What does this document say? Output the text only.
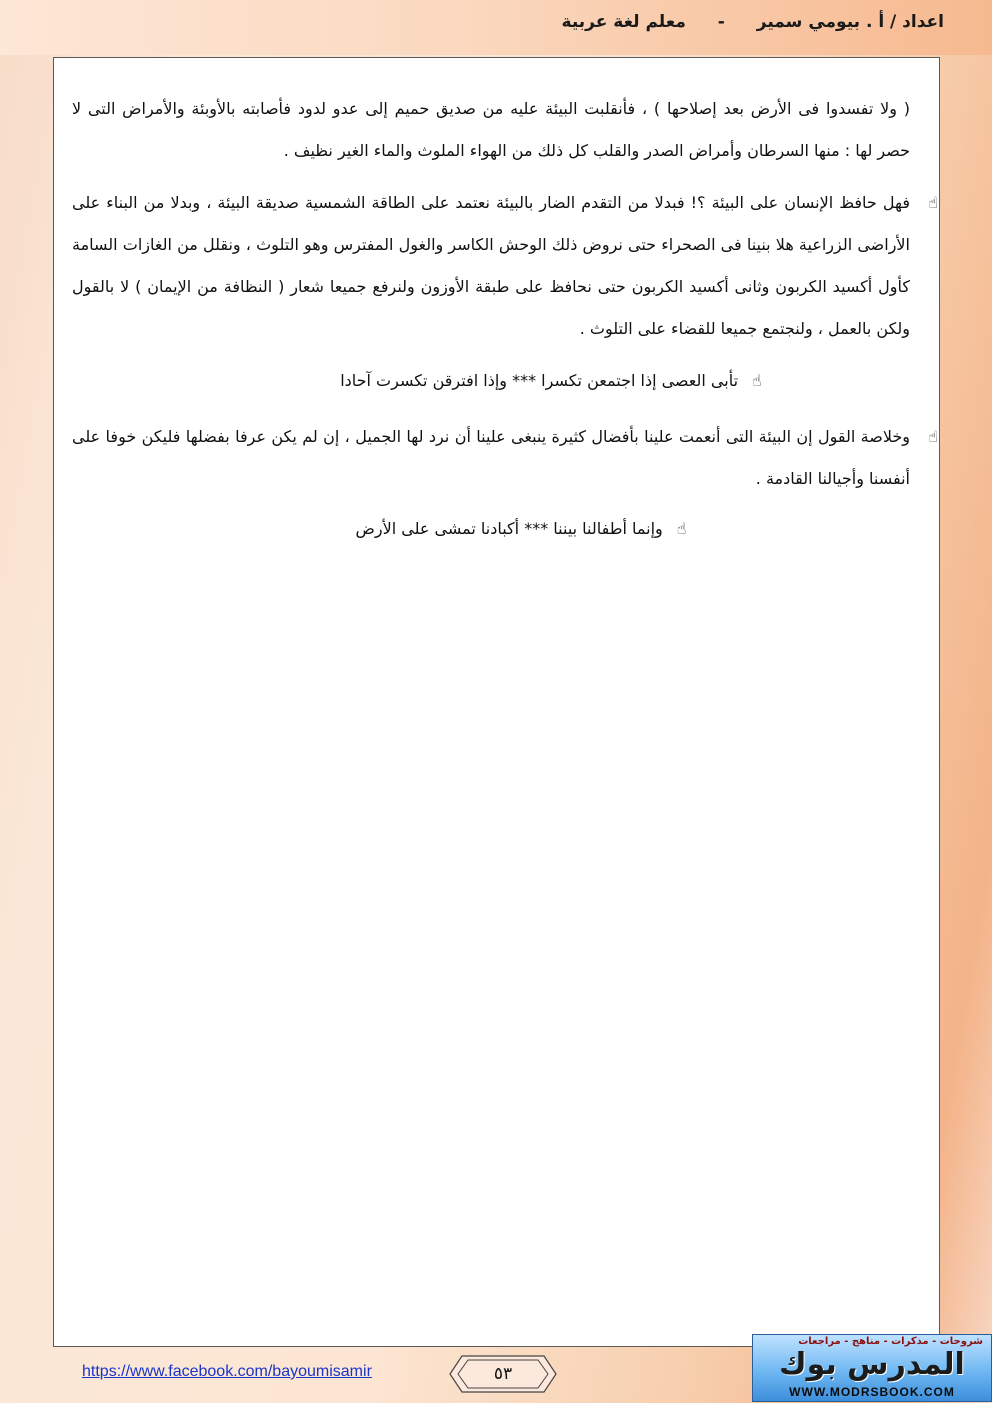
اعداد / أ . بيومي سمير - معلم لغة عربية

( ولا تفسدوا فى الأرض بعد إصلاحها ) ، فأنقلبت البيئة عليه من صديق حميم إلى عدو لدود فأصابته بالأوبئة والأمراض التى لا حصر لها : منها السرطان وأمراض الصدر والقلب كل ذلك من الهواء الملوث والماء الغير نظيف .

☝

فهل حافظ الإنسان على البيئة ؟! فبدلا من التقدم الضار بالبيئة نعتمد على الطاقة الشمسية صديقة البيئة ، وبدلا من البناء على الأراضى الزراعية هلا بنينا فى الصحراء حتى نروض ذلك الوحش الكاسر والغول المفترس وهو التلوث ، ونقلل من الغازات السامة كأول أكسيد الكربون وثانى أكسيد الكربون حتى نحافظ على طبقة الأوزون ولنرفع جميعا شعار ( النظافة من الإيمان ) لا بالقول ولكن بالعمل ، ولنجتمع جميعا للقضاء على التلوث .

☝تأبى العصى إذا اجتمعن تكسرا *** وإذا افترقن تكسرت آحادا
☝

وخلاصة القول إن البيئة التى أنعمت علينا بأفضال كثيرة ينبغى علينا أن نرد لها الجميل ، إن لم يكن عرفا بفضلها فليكن خوفا على أنفسنا وأجيالنا القادمة .

☝وإنما أطفالنا بيننا *** أكبادنا تمشى على الأرض
https://www.facebook.com/bayoumisamir	٥٣
شروحات - مذكرات - مناهج - مراجعات
المدرس بوك
WWW.MODRSBOOK.COM
